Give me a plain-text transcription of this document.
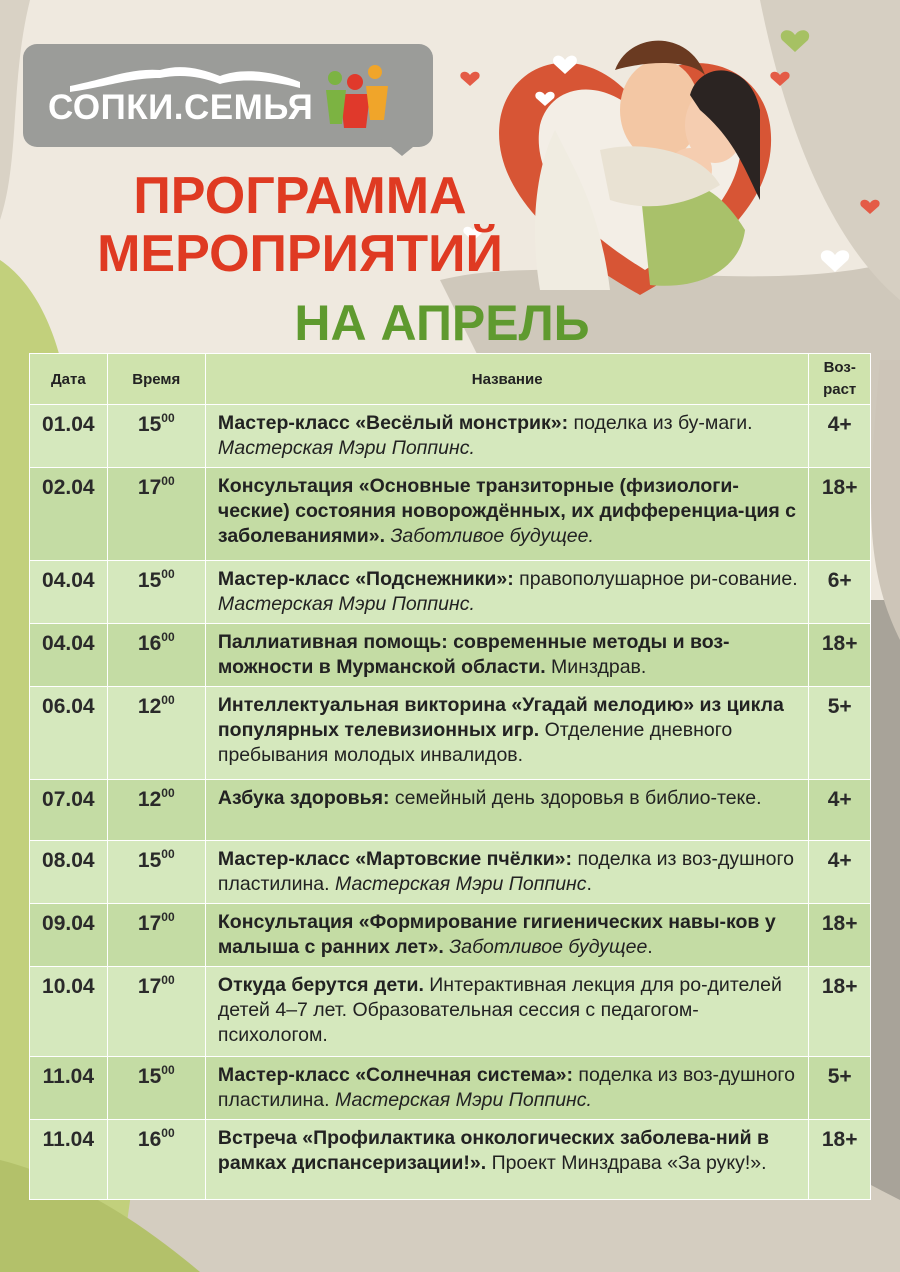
СОПКИ.СЕМЬЯ
ПРОГРАММА
МЕРОПРИЯТИЙ
НА АПРЕЛЬ
Дата	Время	Название	Воз-
раст
01.04	$15^{00}$	Мастер-класс «Весёлый монстрик»: поделка из бу-маги. Мастерская Мэри Поппинс.	4+
02.04	$17^{00}$	Консультация «Основные транзиторные (физиологи-ческие) состояния новорождённых, их дифференциа-ция с заболеваниями». Заботливое будущее.	18+
04.04	$15^{00}$	Мастер-класс «Подснежники»: правополушарное ри-сование. Мастерская Мэри Поппинс.	6+
04.04	$16^{00}$	Паллиативная помощь: современные методы и воз-можности в Мурманской области. Минздрав.	18+
06.04	$12^{00}$	Интеллектуальная викторина «Угадай мелодию» из цикла популярных телевизионных игр. Отделение дневного пребывания молодых инвалидов.	5+
07.04	$12^{00}$	Азбука здоровья: семейный день здоровья в библио-теке.	4+
08.04	$15^{00}$	Мастер-класс «Мартовские пчёлки»: поделка из воз-душного пластилина. Мастерская Мэри Поппинс.	4+
09.04	$17^{00}$	Консультация «Формирование гигиенических навы-ков у малыша с ранних лет». Заботливое будущее.	18+
10.04	$17^{00}$	Откуда берутся дети. Интерактивная лекция для ро-дителей детей 4–7 лет. Образовательная сессия с педагогом-психологом.	18+
11.04	$15^{00}$	Мастер-класс «Солнечная система»: поделка из воз-душного пластилина. Мастерская Мэри Поппинс.	5+
11.04	$16^{00}$	Встреча «Профилактика онкологических заболева-ний в рамках диспансеризации!». Проект Минздрава «За руку!».	18+
